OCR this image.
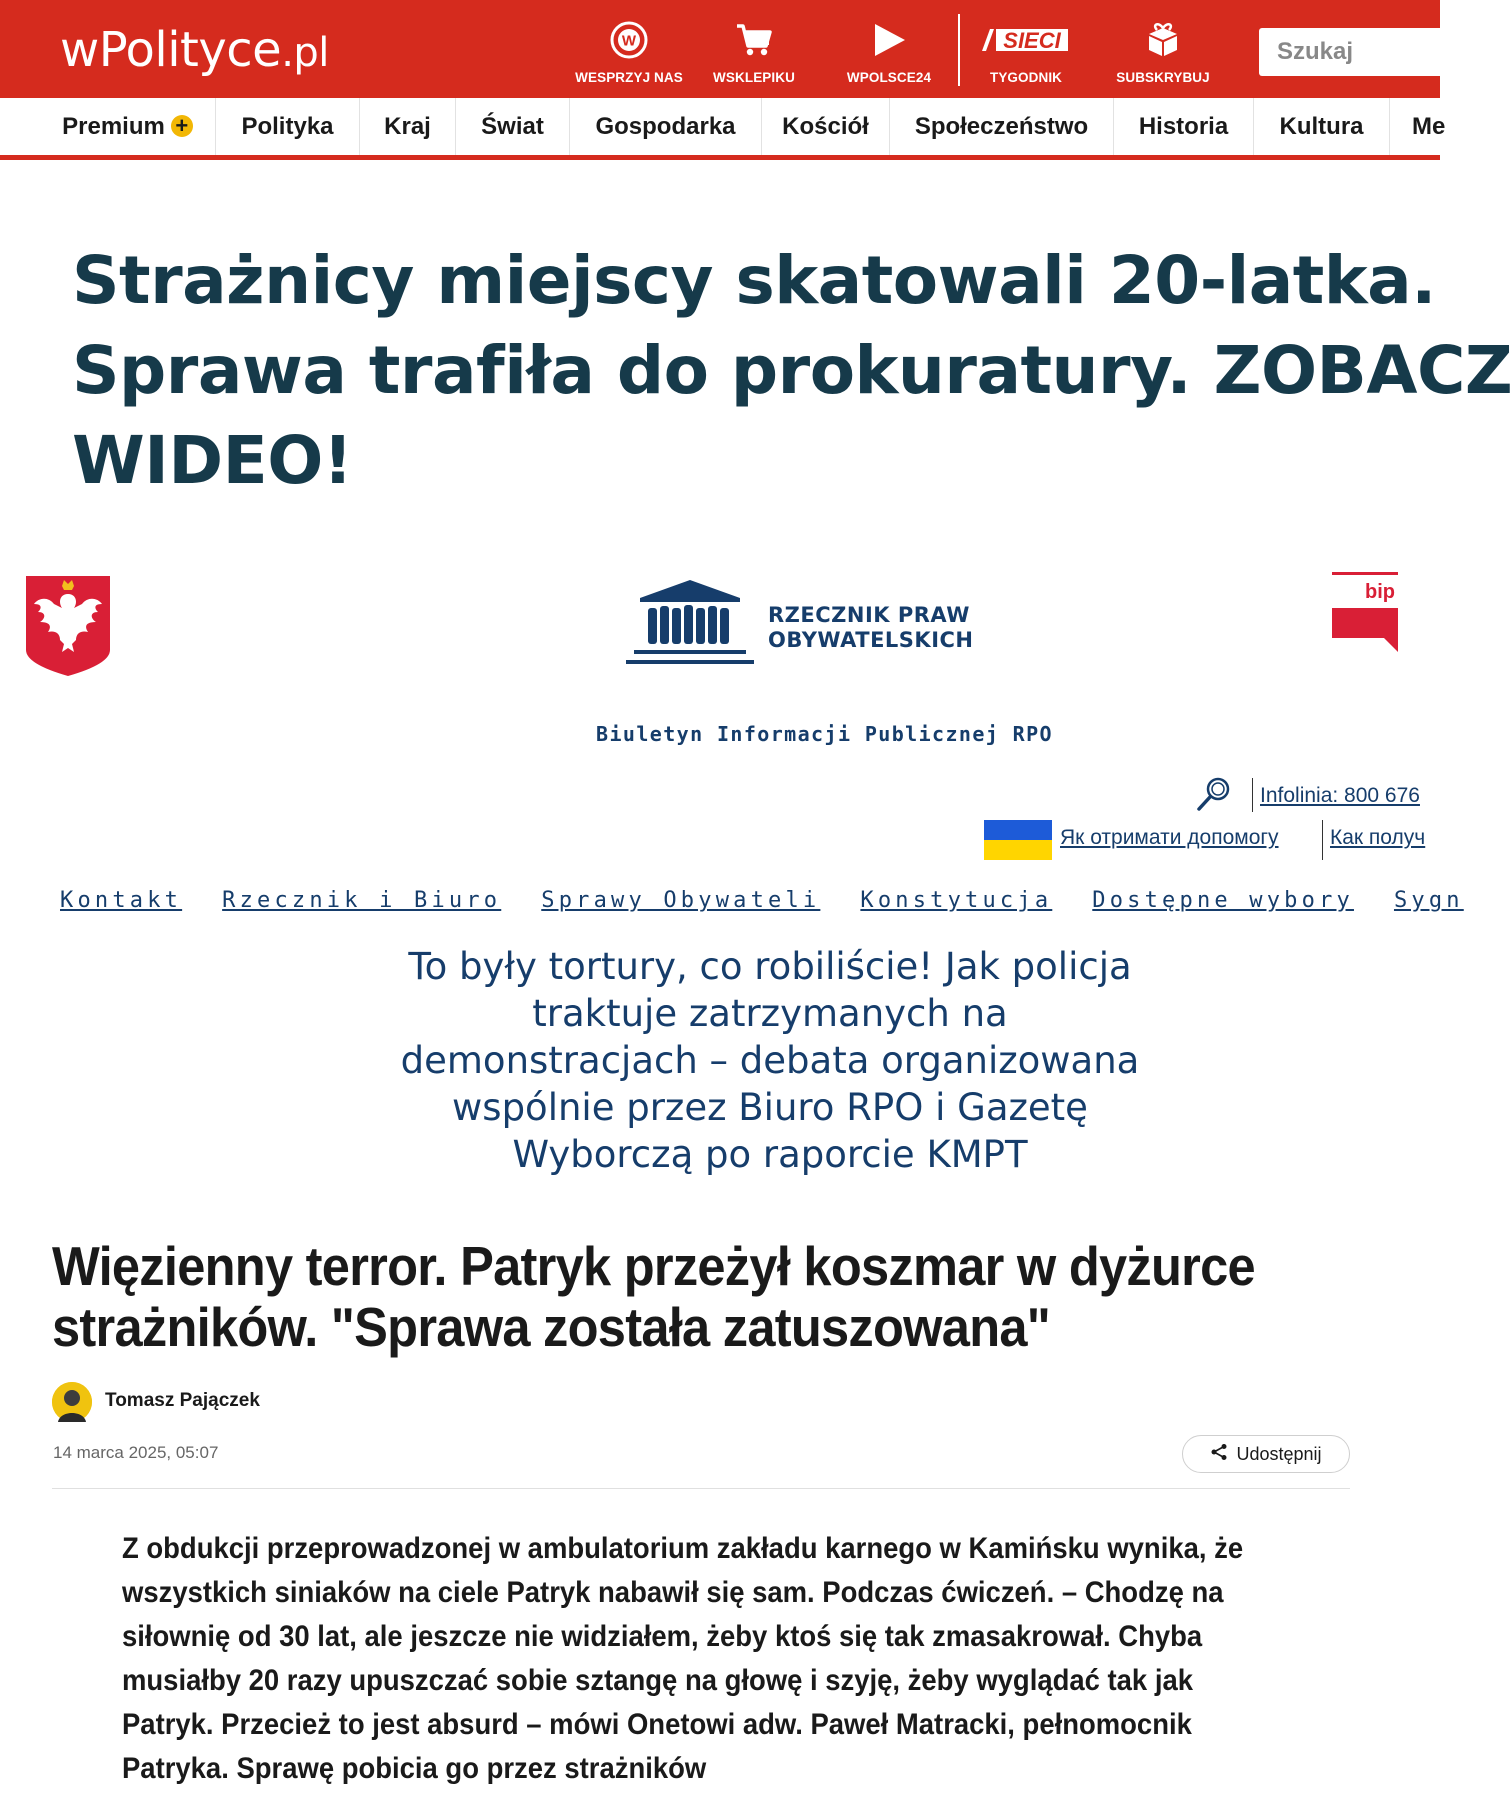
wPolityce.pl	W
WESPRZYJ NAS	WSKLEPIKU	WPOLSCE24
SIECI
TYGODNIK	SUBSKRYBUJ
Szukaj
Premium +	Polityka	Kraj	Świat	Gospodarka	Kościół	Społeczeństwo	Historia	Kultura	Me
Strażnicy miejscy skatowali 20-latka.
Sprawa trafiła do prokuratury. ZOBACZ
WIDEO!
RZECZNIK PRAW
OBYWATELSKICH
bip
Biuletyn Informacji Publicznej RPO
Infolinia: 800 676
Як отримати допомогу Как получ
Kontakt Rzecznik i Biuro Sprawy Obywateli Konstytucja Dostępne wybory Sygn
To były tortury, co robiliście! Jak policja traktuje zatrzymanych na demonstracjach – debata organizowana wspólnie przez Biuro RPO i Gazetę Wyborczą po raporcie KMPT
Więzienny terror. Patryk przeżył koszmar w dyżurce strażników. "Sprawa została zatuszowana"
Tomasz Pajączek
14 marca 2025, 05:07	Udostępnij

Z obdukcji przeprowadzonej w ambulatorium zakładu karnego w Kamińsku wynika, że wszystkich siniaków na ciele Patryk nabawił się sam. Podczas ćwiczeń. – Chodzę na siłownię od 30 lat, ale jeszcze nie widziałem, żeby ktoś się tak zmasakrował. Chyba musiałby 20 razy upuszczać sobie sztangę na głowę i szyję, żeby wyglądać tak jak Patryk. Przecież to jest absurd – mówi Onetowi adw. Paweł Matracki, pełnomocnik Patryka. Sprawę pobicia go przez strażników
